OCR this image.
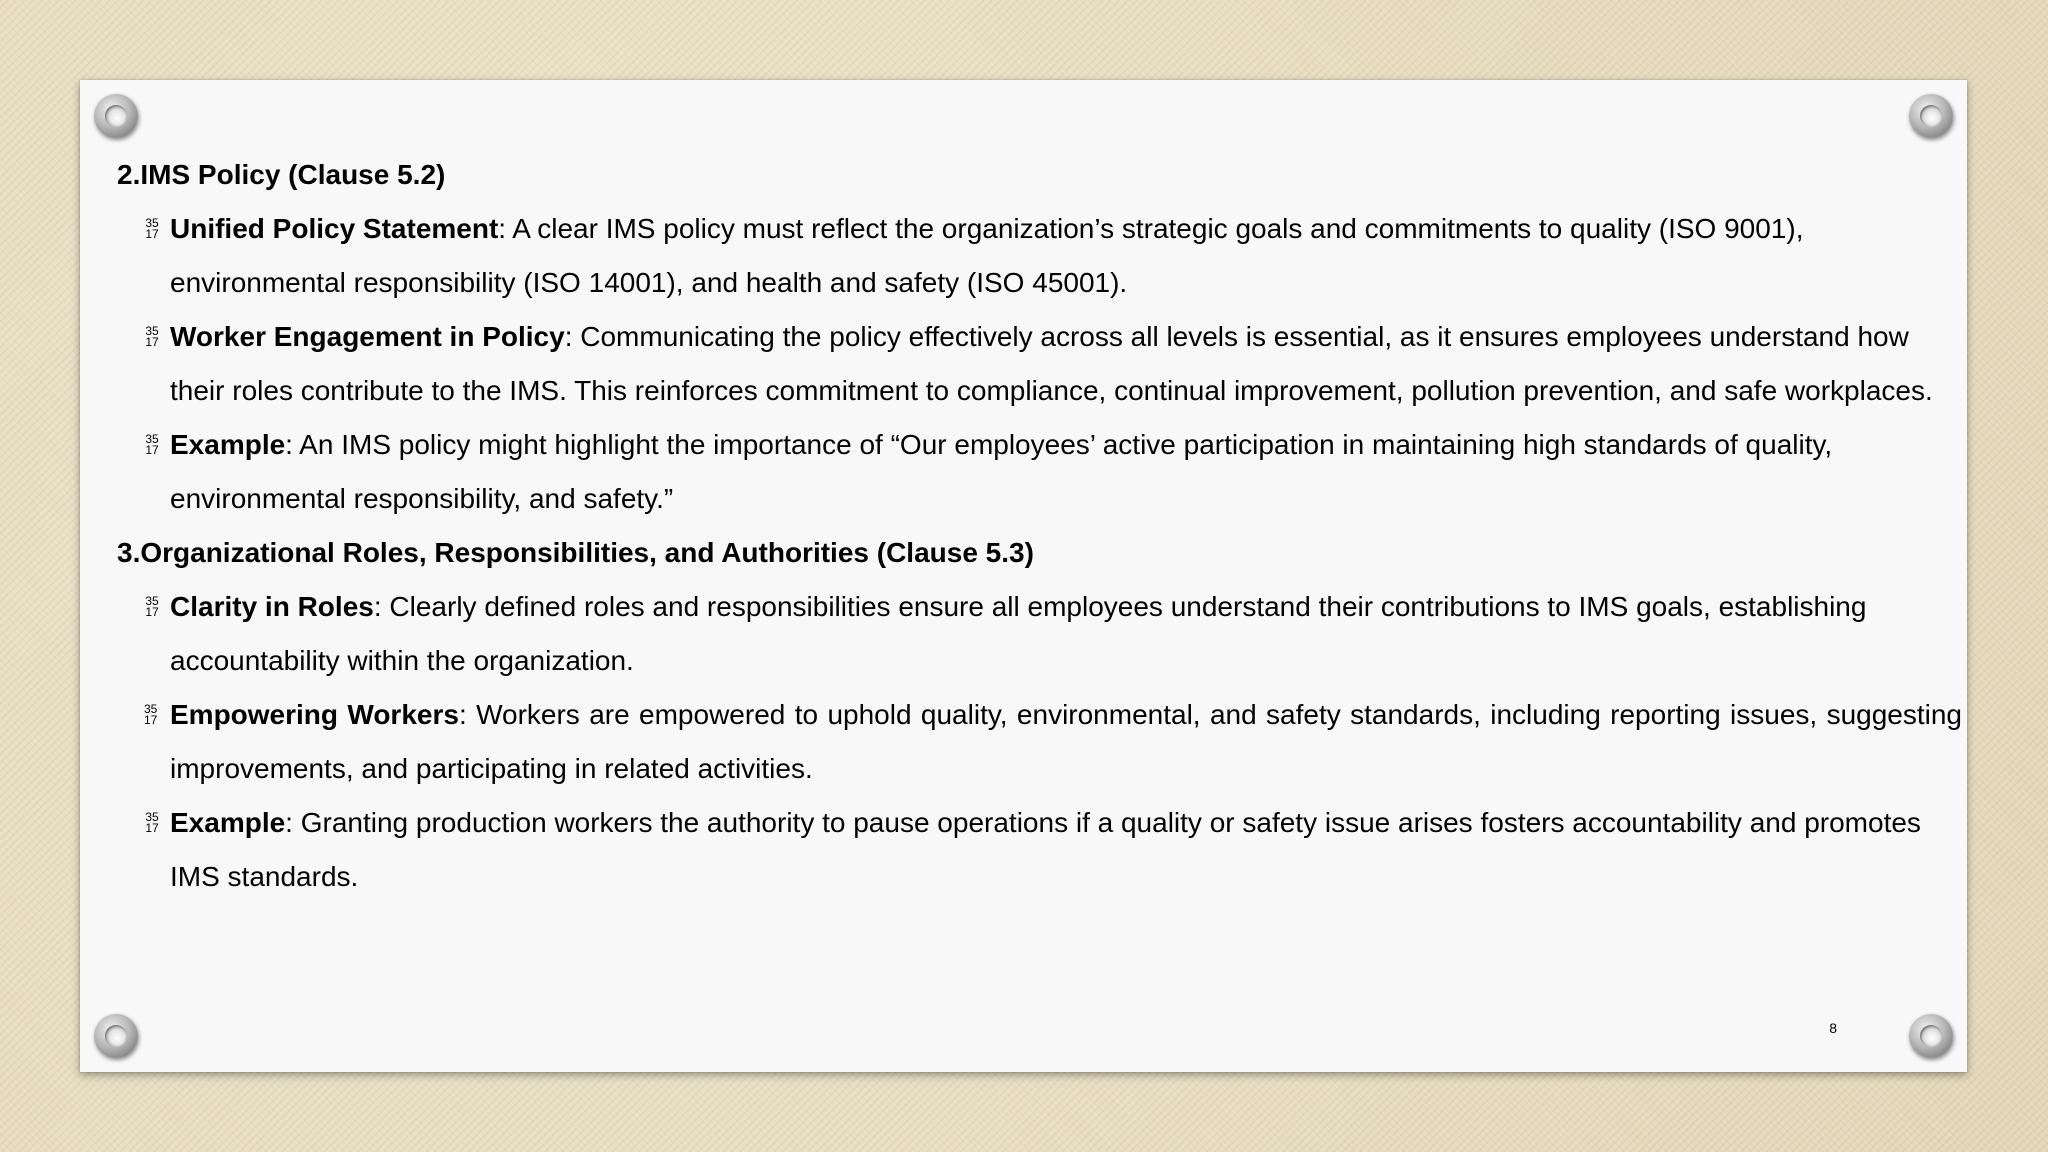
2.IMS Policy (Clause 5.2)
35
17 Unified Policy Statement: A clear IMS policy must reflect the organization’s strategic goals and commitments to quality (ISO 9001), environmental responsibility (ISO 14001), and health and safety (ISO 45001).
35
17 Worker Engagement in Policy: Communicating the policy effectively across all levels is essential, as it ensures employees understand how their roles contribute to the IMS. This reinforces commitment to compliance, continual improvement, pollution prevention, and safe workplaces.
35
17 Example: An IMS policy might highlight the importance of “Our employees’ active participation in maintaining high standards of quality, environmental responsibility, and safety.”
3.Organizational Roles, Responsibilities, and Authorities (Clause 5.3)
35
17 Clarity in Roles: Clearly defined roles and responsibilities ensure all employees understand their contributions to IMS goals, establishing accountability within the organization.
35
17 Empowering Workers: Workers are empowered to uphold quality, environmental, and safety standards, including reporting issues, suggesting improvements, and participating in related activities.
35
17 Example: Granting production workers the authority to pause operations if a quality or safety issue arises fosters accountability and promotes IMS standards.
8
